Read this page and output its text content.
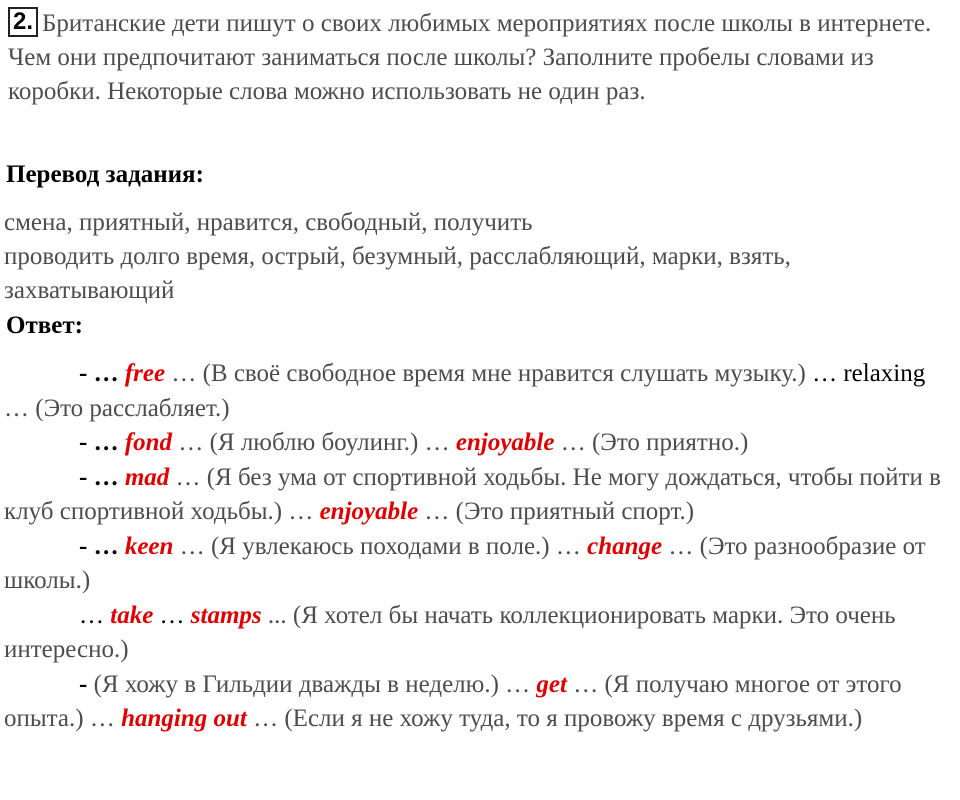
2. Британские дети пишут о своих любимых мероприятиях после школы в интернете. Чем они предпочитают заниматься после школы? Заполните пробелы словами из коробки. Некоторые слова можно использовать не один раз.
Перевод задания:
смена, приятный, нравится, свободный, получить
проводить долго время, острый, безумный, расслабляющий, марки, взять,
захватывающий
Ответ:
- … free … (В своё свободное время мне нравится слушать музыку.) … relaxing … (Это расслабляет.)
- … fond … (Я люблю боулинг.) … enjoyable … (Это приятно.)
- … mad … (Я без ума от спортивной ходьбы. Не могу дождаться, чтобы пойти в клуб спортивной ходьбы.) … enjoyable … (Это приятный спорт.)
- … keen … (Я увлекаюсь походами в поле.) … change … (Это разнообразие от школы.)
… take … stamps ... (Я хотел бы начать коллекционировать марки. Это очень интересно.)
- (Я хожу в Гильдии дважды в неделю.) … get … (Я получаю многое от этого опыта.) … hanging out … (Если я не хожу туда, то я провожу время с друзьями.)
